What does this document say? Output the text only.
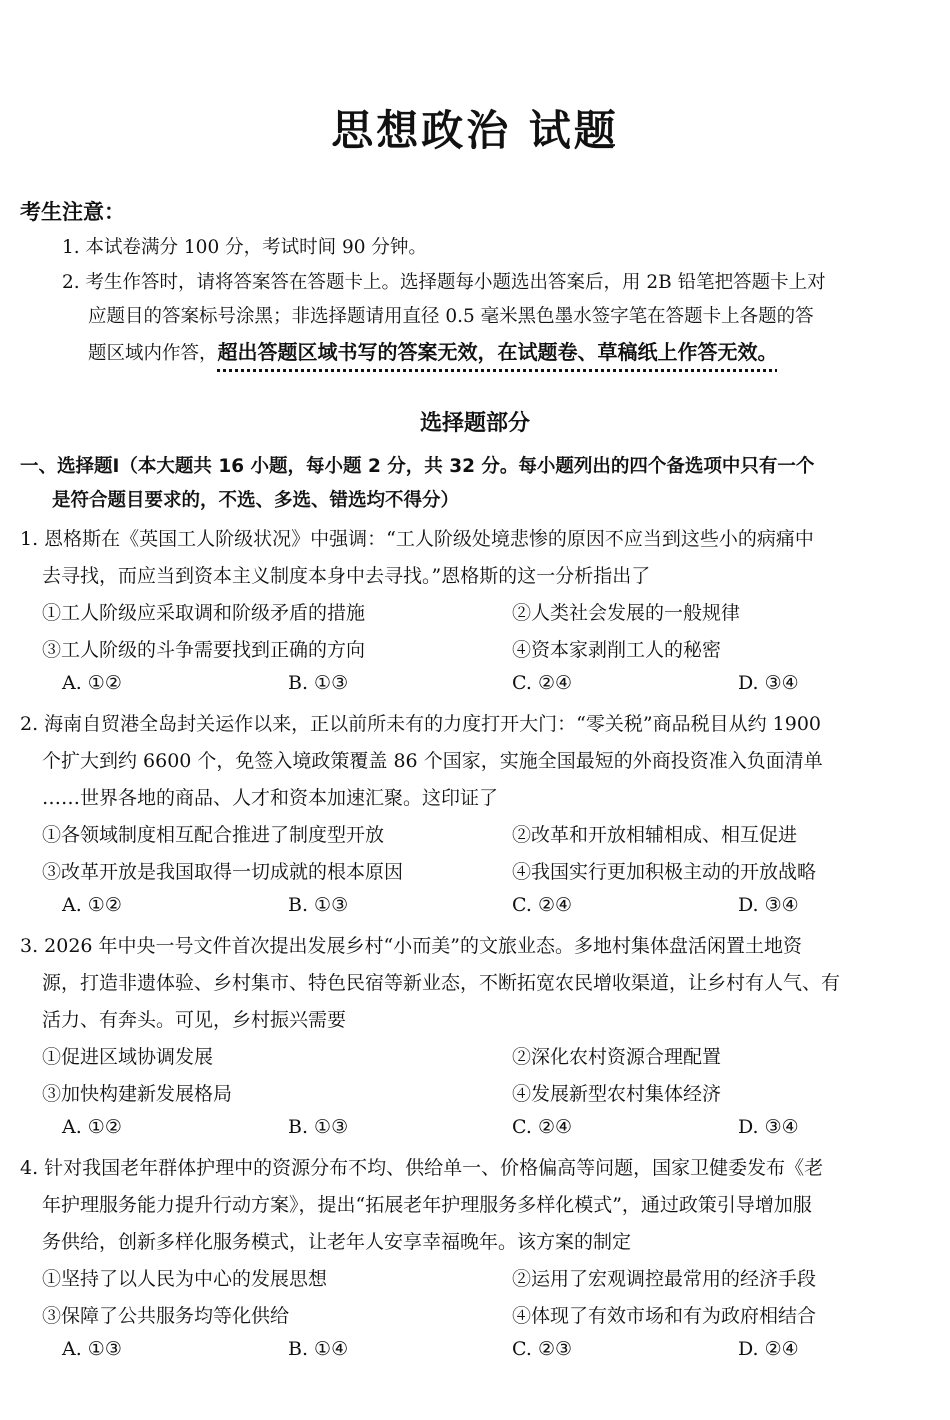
思想政治 试题
考生注意：
1. 本试卷满分 100 分，考试时间 90 分钟。
2. 考生作答时，请将答案答在答题卡上。选择题每小题选出答案后，用 2B 铅笔把答题卡上对
应题目的答案标号涂黑；非选择题请用直径 0.5 毫米黑色墨水签字笔在答题卡上各题的答
题区域内作答，超出答题区域书写的答案无效，在试题卷、草稿纸上作答无效。
选择题部分
一、选择题Ⅰ（本大题共 16 小题，每小题 2 分，共 32 分。每小题列出的四个备选项中只有一个
是符合题目要求的，不选、多选、错选均不得分）
1. 恩格斯在《英国工人阶级状况》中强调：“工人阶级处境悲惨的原因不应当到这些小的病痛中
去寻找，而应当到资本主义制度本身中去寻找。”恩格斯的这一分析指出了
①工人阶级应采取调和阶级矛盾的措施	②人类社会发展的一般规律
③工人阶级的斗争需要找到正确的方向	④资本家剥削工人的秘密
A. ①②	B. ①③	C. ②④	D. ③④
2. 海南自贸港全岛封关运作以来，正以前所未有的力度打开大门：“零关税”商品税目从约 1900
个扩大到约 6600 个，免签入境政策覆盖 86 个国家，实施全国最短的外商投资准入负面清单
……世界各地的商品、人才和资本加速汇聚。这印证了
①各领域制度相互配合推进了制度型开放	②改革和开放相辅相成、相互促进
③改革开放是我国取得一切成就的根本原因	④我国实行更加积极主动的开放战略
A. ①②	B. ①③	C. ②④	D. ③④
3. 2026 年中央一号文件首次提出发展乡村“小而美”的文旅业态。多地村集体盘活闲置土地资
源，打造非遗体验、乡村集市、特色民宿等新业态，不断拓宽农民增收渠道，让乡村有人气、有
活力、有奔头。可见，乡村振兴需要
①促进区域协调发展	②深化农村资源合理配置
③加快构建新发展格局	④发展新型农村集体经济
A. ①②	B. ①③	C. ②④	D. ③④
4. 针对我国老年群体护理中的资源分布不均、供给单一、价格偏高等问题，国家卫健委发布《老
年护理服务能力提升行动方案》，提出“拓展老年护理服务多样化模式”，通过政策引导增加服
务供给，创新多样化服务模式，让老年人安享幸福晚年。该方案的制定
①坚持了以人民为中心的发展思想	②运用了宏观调控最常用的经济手段
③保障了公共服务均等化供给	④体现了有效市场和有为政府相结合
A. ①③	B. ①④	C. ②③	D. ②④
